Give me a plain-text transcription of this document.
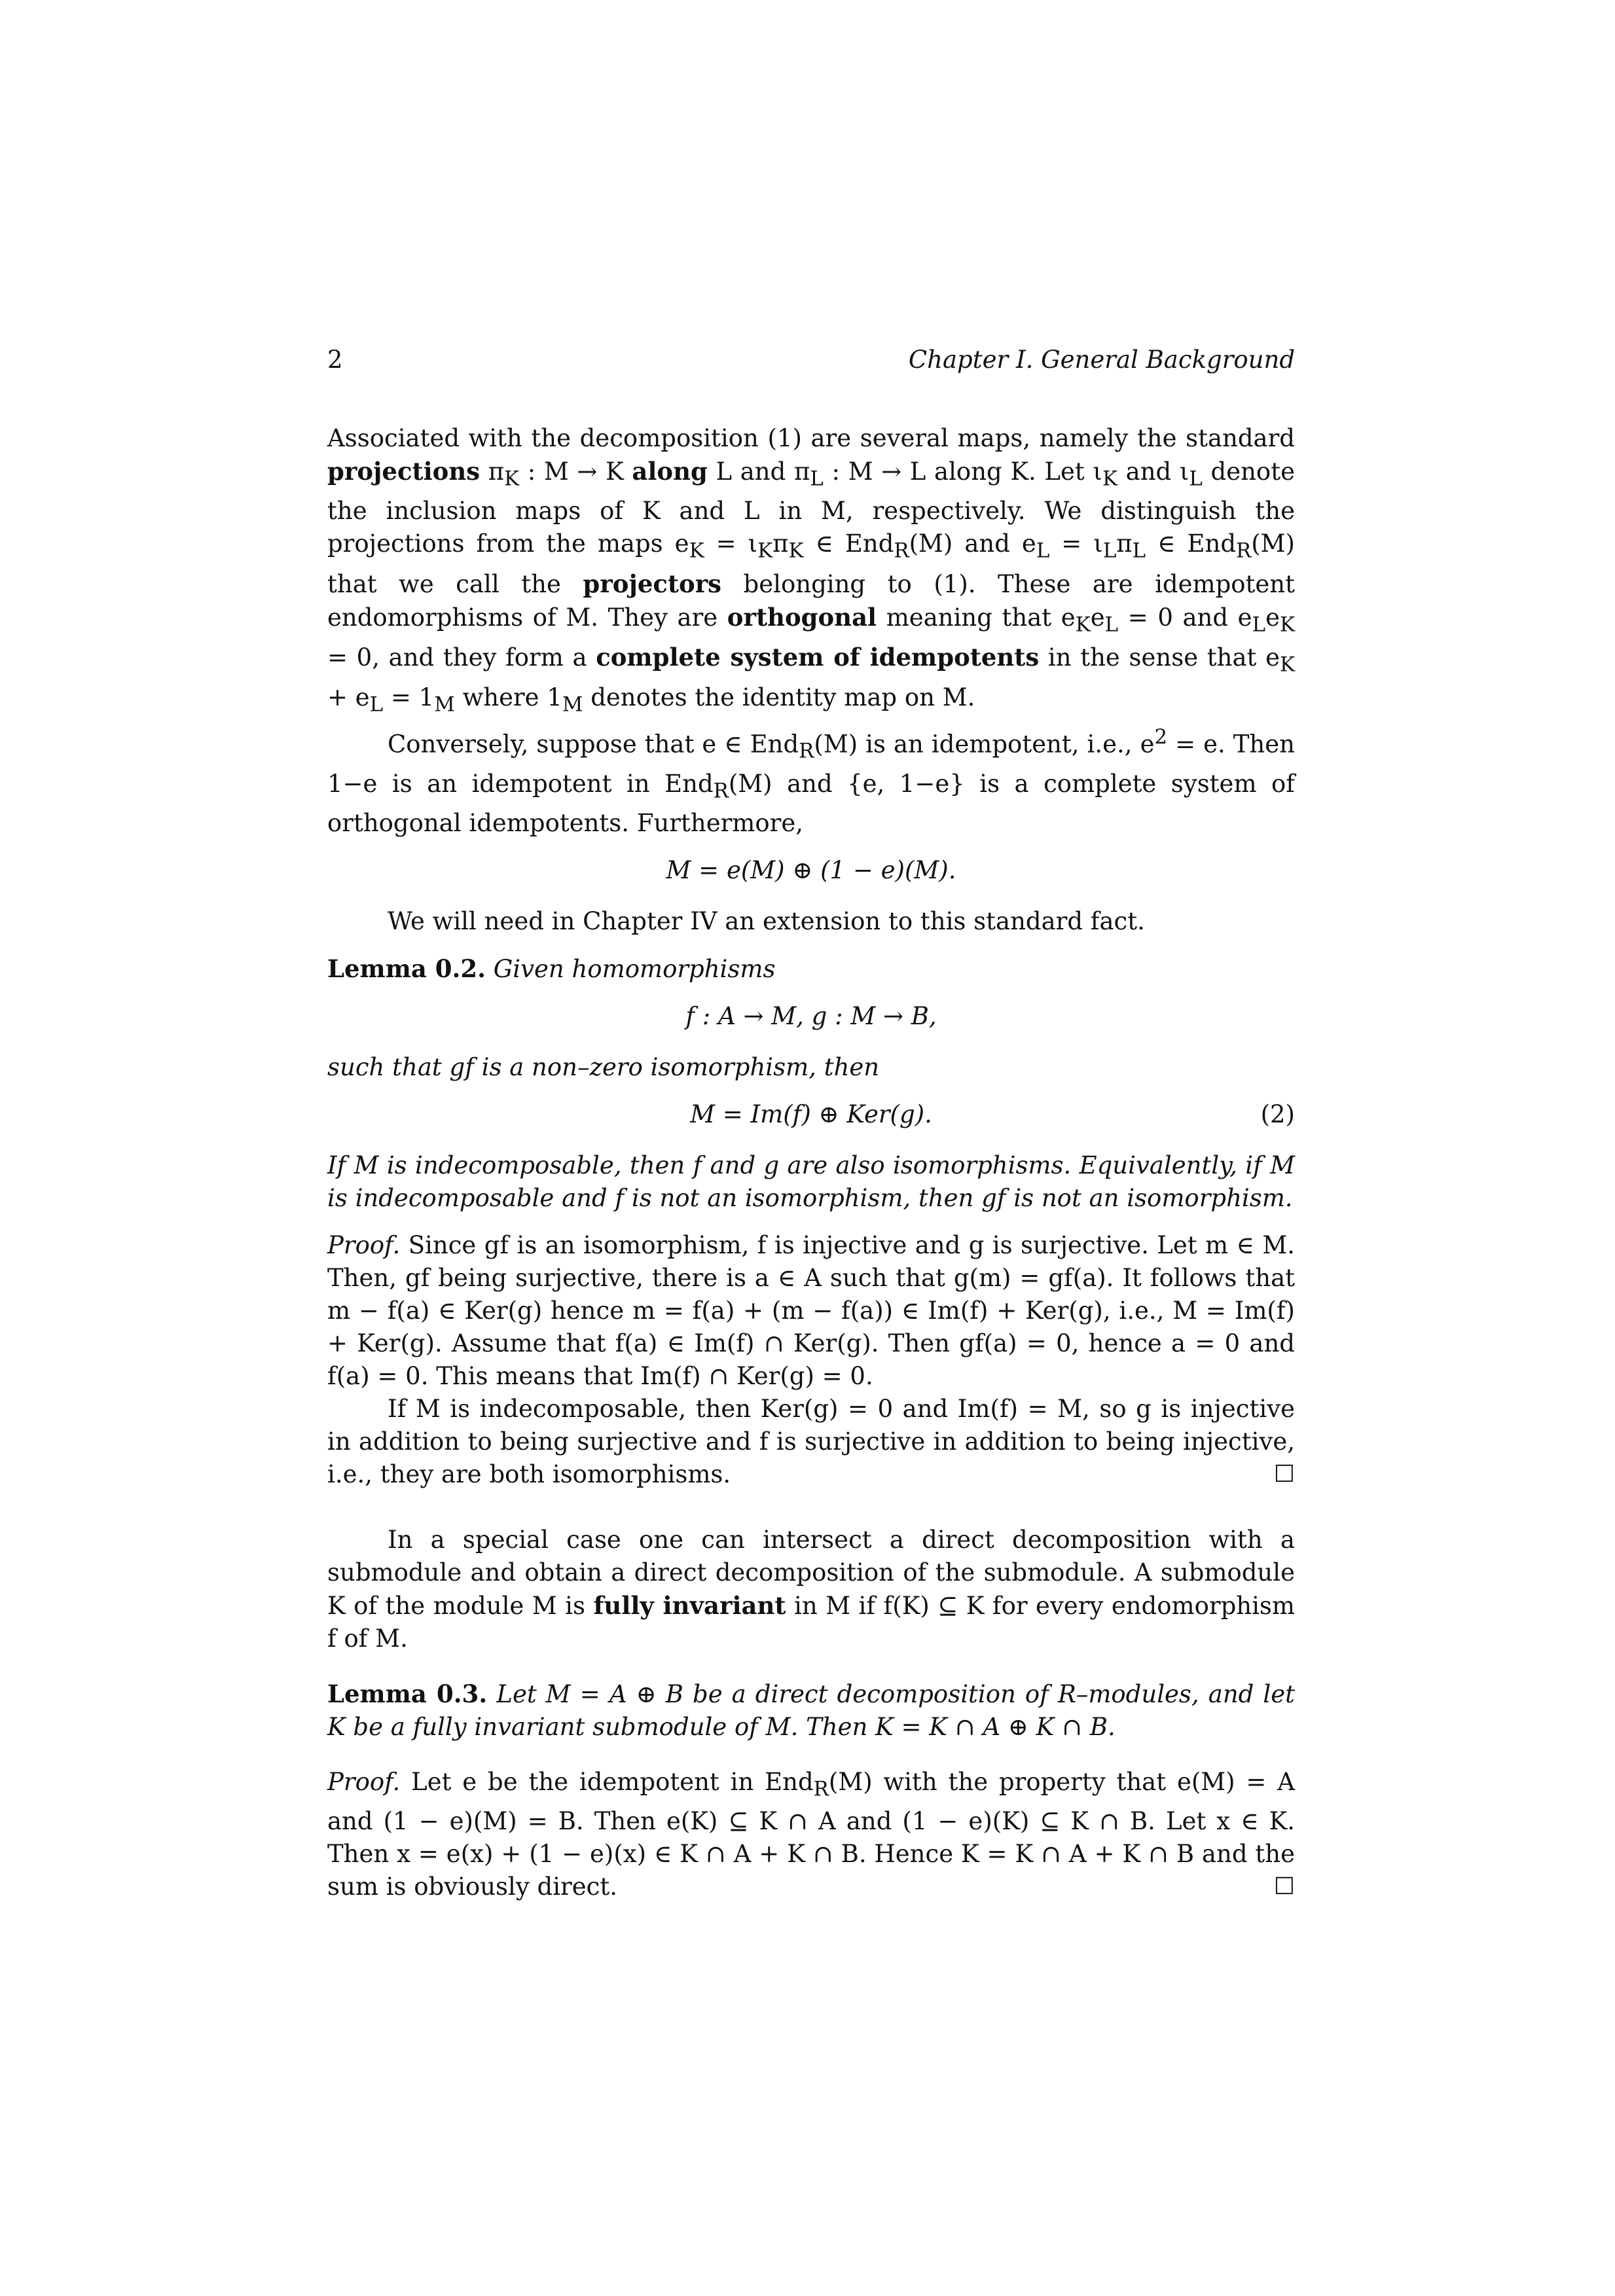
2	Chapter I. General Background

Associated with the decomposition (1) are several maps, namely the standard projections $\pi_K$ : M → K along L and $\pi_L$ : M → L along K. Let $\iota_K$ and $\iota_L$ denote the inclusion maps of K and L in M, respectively. We distinguish the projections from the maps $e_K = \iota_K\pi_K$ ∈ End$_R$(M) and $e_L = \iota_L\pi_L$ ∈ End$_R$(M) that we call the projectors belonging to (1). These are idempotent endomorphisms of M. They are orthogonal meaning that $e_Ke_L = 0$ and $e_Le_K = 0$, and they form a complete system of idempotents in the sense that $e_K + e_L = 1_M$ where $1_M$ denotes the identity map on M.

Conversely, suppose that e ∈ End$_R$(M) is an idempotent, i.e., $e^2 = e$. Then 1−e is an idempotent in End$_R$(M) and {e, 1−e} is a complete system of orthogonal idempotents. Furthermore,

M = e(M) ⊕ (1 − e)(M).

We will need in Chapter IV an extension to this standard fact.

Lemma 0.2. Given homomorphisms

f : A → M, g : M → B,

such that gf is a non–zero isomorphism, then

M = Im(f) ⊕ Ker(g).	(2)

If M is indecomposable, then f and g are also isomorphisms. Equivalently, if M is indecomposable and f is not an isomorphism, then gf is not an isomorphism.

Proof. Since gf is an isomorphism, f is injective and g is surjective. Let m ∈ M. Then, gf being surjective, there is a ∈ A such that g(m) = gf(a). It follows that m − f(a) ∈ Ker(g) hence m = f(a) + (m − f(a)) ∈ Im(f) + Ker(g), i.e., M = Im(f) + Ker(g). Assume that f(a) ∈ Im(f) ∩ Ker(g). Then gf(a) = 0, hence a = 0 and f(a) = 0. This means that Im(f) ∩ Ker(g) = 0.

If M is indecomposable, then Ker(g) = 0 and Im(f) = M, so g is injective in addition to being surjective and f is surjective in addition to being injective, i.e., they are both isomorphisms.	☐

In a special case one can intersect a direct decomposition with a submodule and obtain a direct decomposition of the submodule. A submodule K of the module M is fully invariant in M if f(K) ⊆ K for every endomorphism f of M.

Lemma 0.3. Let M = A ⊕ B be a direct decomposition of R–modules, and let K be a fully invariant submodule of M. Then K = K ∩ A ⊕ K ∩ B.

Proof. Let e be the idempotent in End$_R$(M) with the property that e(M) = A and (1 − e)(M) = B. Then e(K) ⊆ K ∩ A and (1 − e)(K) ⊆ K ∩ B. Let x ∈ K. Then x = e(x) + (1 − e)(x) ∈ K ∩ A + K ∩ B. Hence K = K ∩ A + K ∩ B and the sum is obviously direct.	☐
